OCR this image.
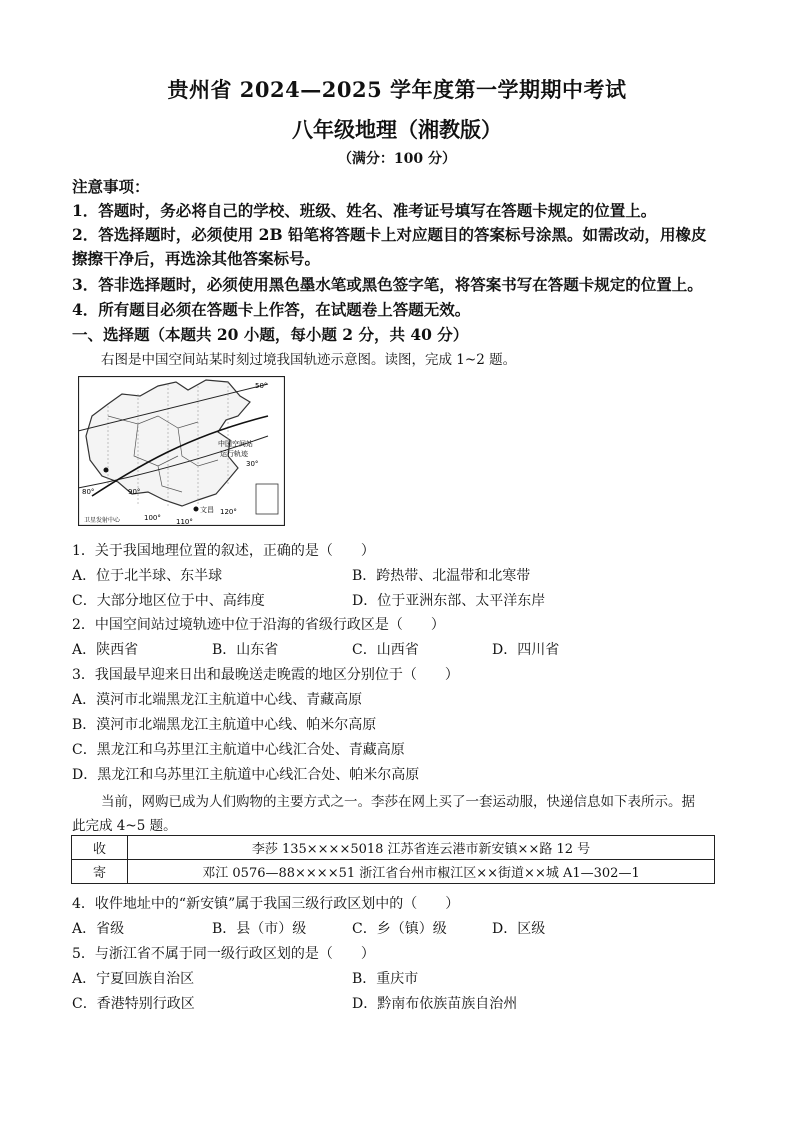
贵州省 2024—2025 学年度第一学期期中考试
八年级地理（湘教版）
（满分：100 分）
注意事项：
1．答题时，务必将自己的学校、班级、姓名、准考证号填写在答题卡规定的位置上。
2．答选择题时，必须使用 2B 铅笔将答题卡上对应题目的答案标号涂黑。如需改动，用橡皮
擦擦干净后，再选涂其他答案标号。
3．答非选择题时，必须使用黑色墨水笔或黑色签字笔，将答案书写在答题卡规定的位置上。
4．所有题目必须在答题卡上作答，在试题卷上答题无效。
一、选择题（本题共 20 小题，每小题 2 分，共 40 分）
右图是中国空间站某时刻过境我国轨迹示意图。读图，完成 1~2 题。
50°
中国空间站
运行轨迹
30°
80°	90°
100° 110°
120°
文昌
卫星发射中心
1．关于我国地理位置的叙述，正确的是（　　）
A．位于北半球、东半球	B．跨热带、北温带和北寒带
C．大部分地区位于中、高纬度	D．位于亚洲东部、太平洋东岸
2．中国空间站过境轨迹中位于沿海的省级行政区是（　　）
A．陕西省	B．山东省	C．山西省	D．四川省
3．我国最早迎来日出和最晚送走晚霞的地区分别位于（　　）
A．漠河市北端黑龙江主航道中心线、青藏高原
B．漠河市北端黑龙江主航道中心线、帕米尔高原
C．黑龙江和乌苏里江主航道中心线汇合处、青藏高原
D．黑龙江和乌苏里江主航道中心线汇合处、帕米尔高原
当前，网购已成为人们购物的主要方式之一。李莎在网上买了一套运动服，快递信息如下表所示。据
此完成 4~5 题。
收	李莎 135××××5018 江苏省连云港市新安镇××路 12 号
寄	邓江 0576—88××××51 浙江省台州市椒江区××街道××城 A1—302—1
4．收件地址中的“新安镇”属于我国三级行政区划中的（　　）
A．省级	B．县（市）级	C．乡（镇）级	D．区级
5．与浙江省不属于同一级行政区划的是（　　）
A．宁夏回族自治区	B．重庆市
C．香港特别行政区	D．黔南布依族苗族自治州
